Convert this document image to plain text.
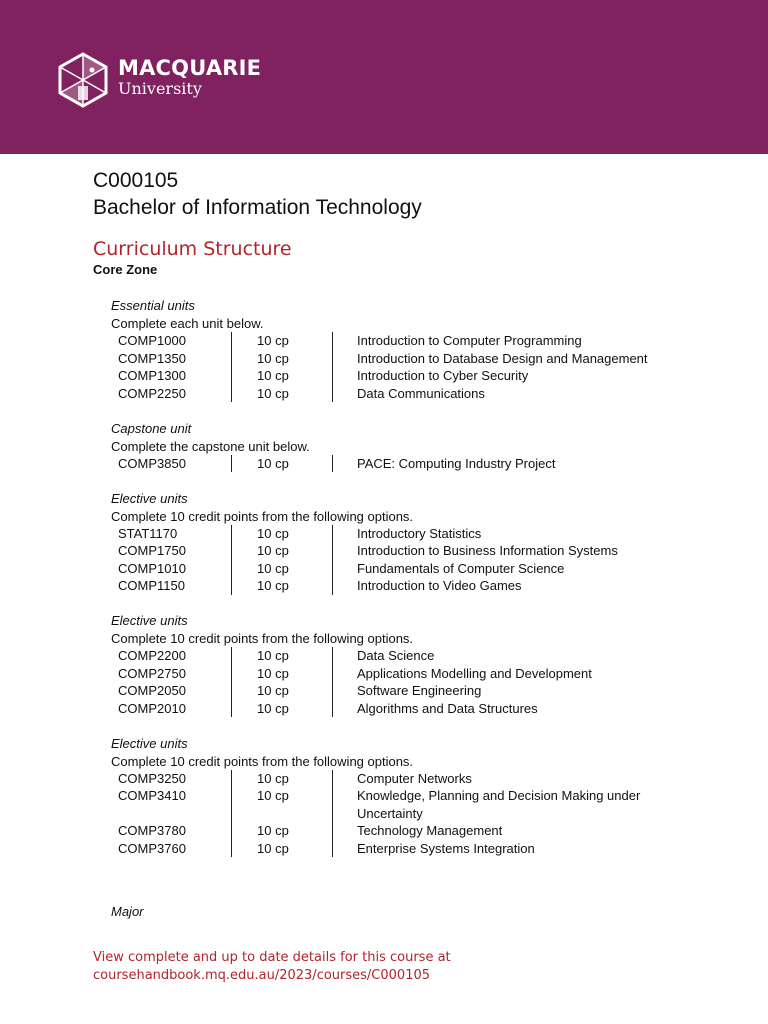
MACQUARIE
University
C000105
Bachelor of Information Technology
Curriculum Structure
Core Zone
Essential units
Complete each unit below.
COMP1000	10 cp	Introduction to Computer Programming
COMP1350	10 cp	Introduction to Database Design and Management
COMP1300	10 cp	Introduction to Cyber Security
COMP2250	10 cp	Data Communications
Capstone unit
Complete the capstone unit below.
COMP3850	10 cp	PACE: Computing Industry Project
Elective units
Complete 10 credit points from the following options.
STAT1170	10 cp	Introductory Statistics
COMP1750	10 cp	Introduction to Business Information Systems
COMP1010	10 cp	Fundamentals of Computer Science
COMP1150	10 cp	Introduction to Video Games
Elective units
Complete 10 credit points from the following options.
COMP2200	10 cp	Data Science
COMP2750	10 cp	Applications Modelling and Development
COMP2050	10 cp	Software Engineering
COMP2010	10 cp	Algorithms and Data Structures
Elective units
Complete 10 credit points from the following options.
COMP3250	10 cp	Computer Networks
COMP3410	10 cp	Knowledge, Planning and Decision Making under Uncertainty
COMP3780	10 cp	Technology Management
COMP3760	10 cp	Enterprise Systems Integration
Major
View complete and up to date details for this course at
coursehandbook.mq.edu.au/2023/courses/C000105
